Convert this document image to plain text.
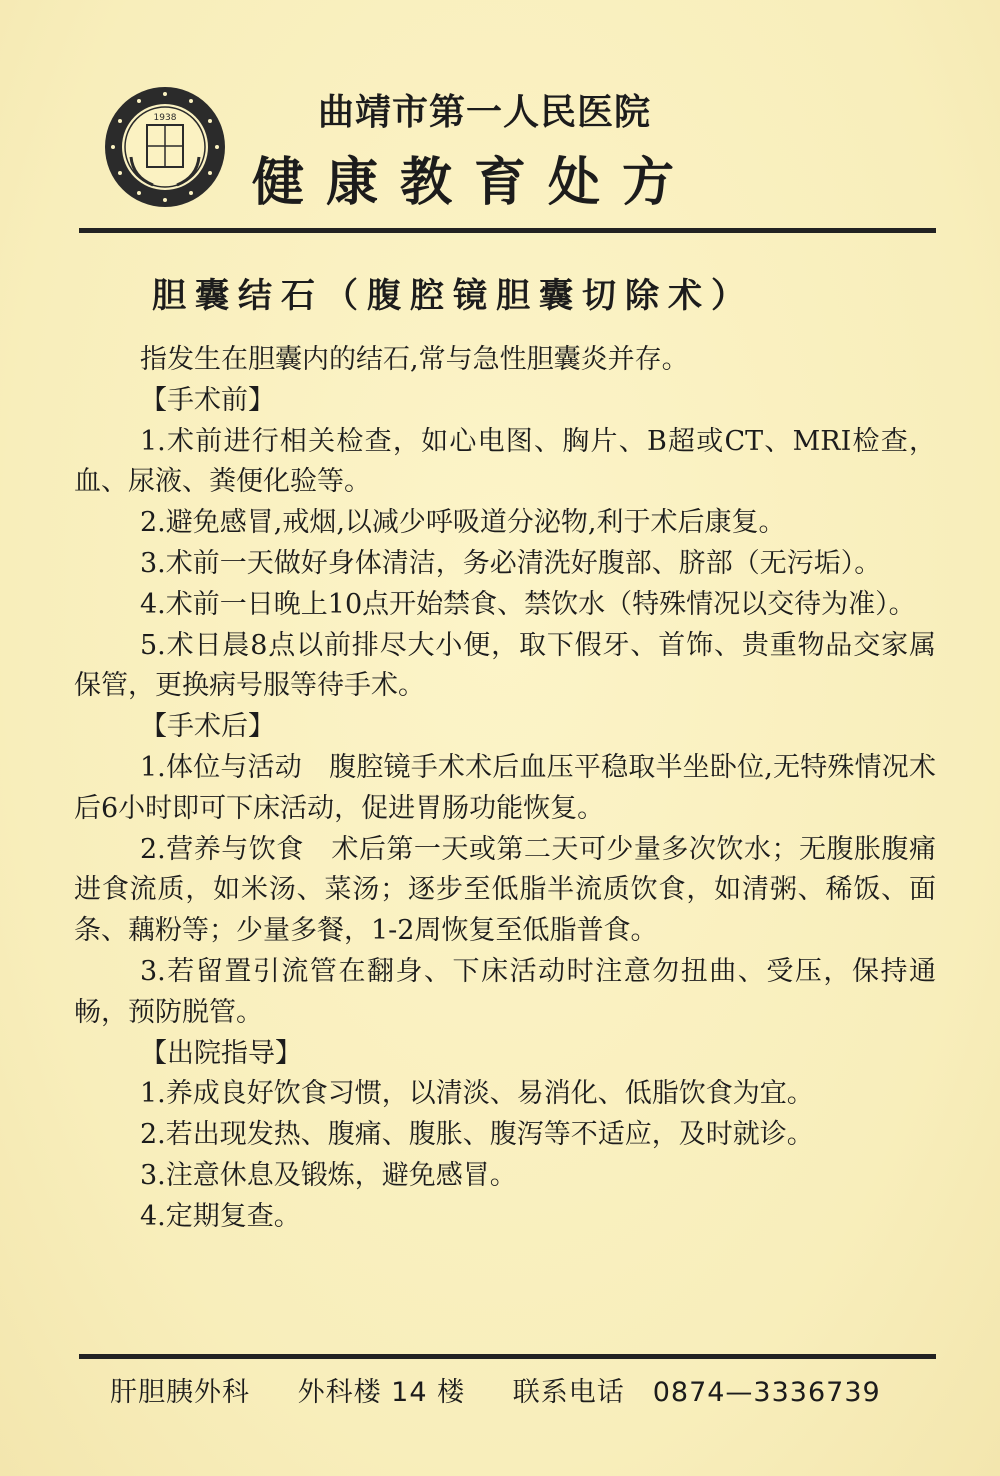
1938	曲靖市第一人民医院
健康教育处方
胆囊结石（腹腔镜胆囊切除术）

指发生在胆囊内的结石,常与急性胆囊炎并存。

【手术前】

1.术前进行相关检查，如心电图、胸片、B超或CT、MRI检查，血、尿液、粪便化验等。

2.避免感冒,戒烟,以减少呼吸道分泌物,利于术后康复。

3.术前一天做好身体清洁，务必清洗好腹部、脐部（无污垢）。

4.术前一日晚上10点开始禁食、禁饮水（特殊情况以交待为准）。

5.术日晨8点以前排尽大小便，取下假牙、首饰、贵重物品交家属保管，更换病号服等待手术。

【手术后】

1.体位与活动　腹腔镜手术术后血压平稳取半坐卧位,无特殊情况术后6小时即可下床活动，促进胃肠功能恢复。

2.营养与饮食　术后第一天或第二天可少量多次饮水；无腹胀腹痛进食流质，如米汤、菜汤；逐步至低脂半流质饮食，如清粥、稀饭、面条、藕粉等；少量多餐，1-2周恢复至低脂普食。

3.若留置引流管在翻身、下床活动时注意勿扭曲、受压，保持通畅，预防脱管。

【出院指导】

1.养成良好饮食习惯，以清淡、易消化、低脂饮食为宜。

2.若出现发热、腹痛、腹胀、腹泻等不适应，及时就诊。

3.注意休息及锻炼，避免感冒。

4.定期复查。

肝胆胰外科 外科楼 14 楼 联系电话　0874—3336739
